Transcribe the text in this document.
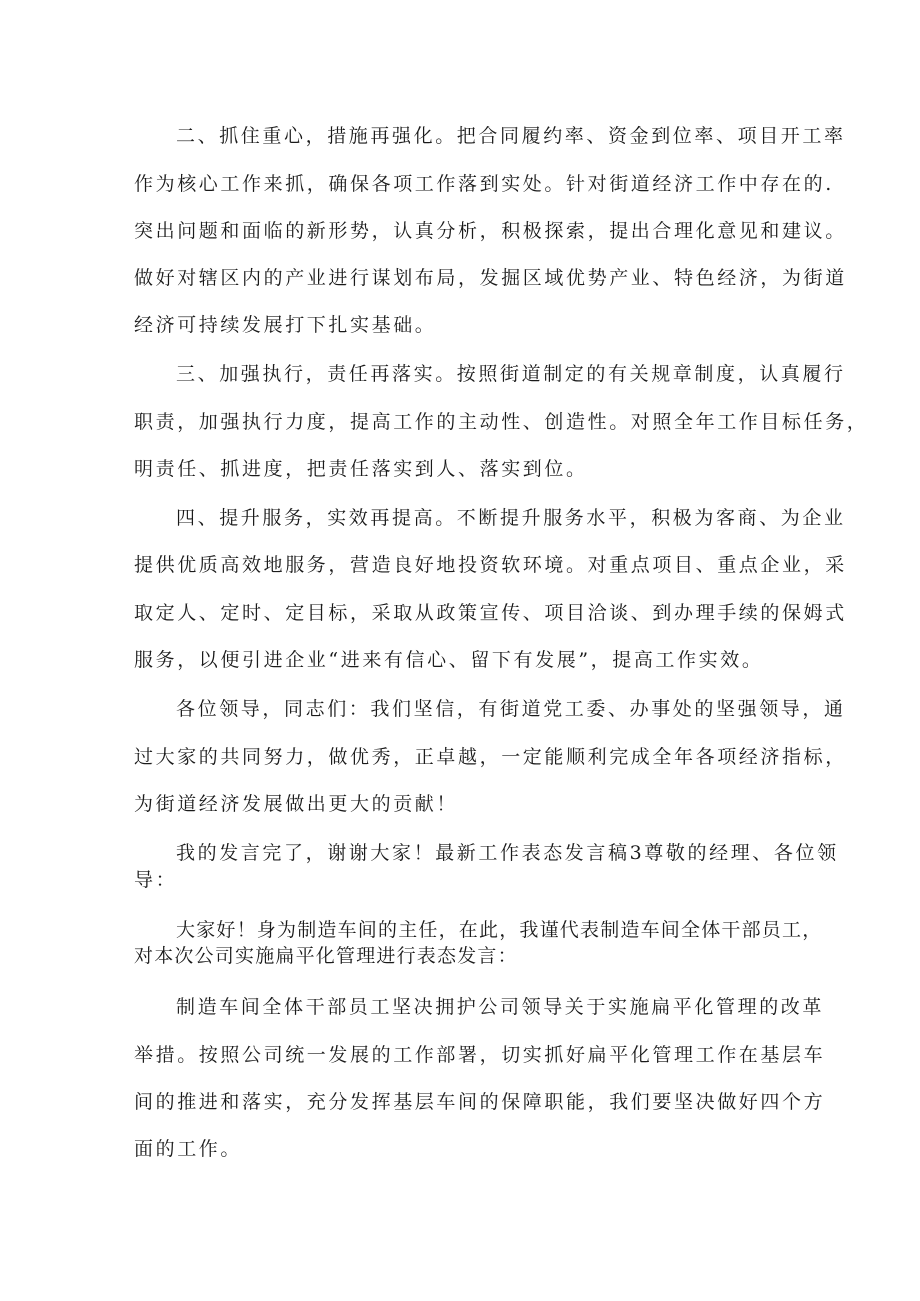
二、抓住重心，措施再强化。把合同履约率、资金到位率、项目开工率
作为核心工作来抓，确保各项工作落到实处。针对街道经济工作中存在的.
突出问题和面临的新形势，认真分析，积极探索，提出合理化意见和建议。
做好对辖区内的产业进行谋划布局，发掘区域优势产业、特色经济，为街道
经济可持续发展打下扎实基础。
三、加强执行，责任再落实。按照街道制定的有关规章制度，认真履行
职责，加强执行力度，提高工作的主动性、创造性。对照全年工作目标任务，
明责任、抓进度，把责任落实到人、落实到位。
四、提升服务，实效再提高。不断提升服务水平，积极为客商、为企业
提供优质高效地服务，营造良好地投资软环境。对重点项目、重点企业，采
取定人、定时、定目标，采取从政策宣传、项目洽谈、到办理手续的保姆式
服务，以便引进企业“进来有信心、留下有发展”，提高工作实效。
各位领导，同志们：我们坚信，有街道党工委、办事处的坚强领导，通
过大家的共同努力，做优秀，正卓越，一定能顺利完成全年各项经济指标，
为街道经济发展做出更大的贡献！
我的发言完了，谢谢大家！最新工作表态发言稿3尊敬的经理、各位领
导：
大家好！身为制造车间的主任，在此，我谨代表制造车间全体干部员工，
对本次公司实施扁平化管理进行表态发言：
制造车间全体干部员工坚决拥护公司领导关于实施扁平化管理的改革
举措。按照公司统一发展的工作部署，切实抓好扁平化管理工作在基层车
间的推进和落实，充分发挥基层车间的保障职能，我们要坚决做好四个方
面的工作。
